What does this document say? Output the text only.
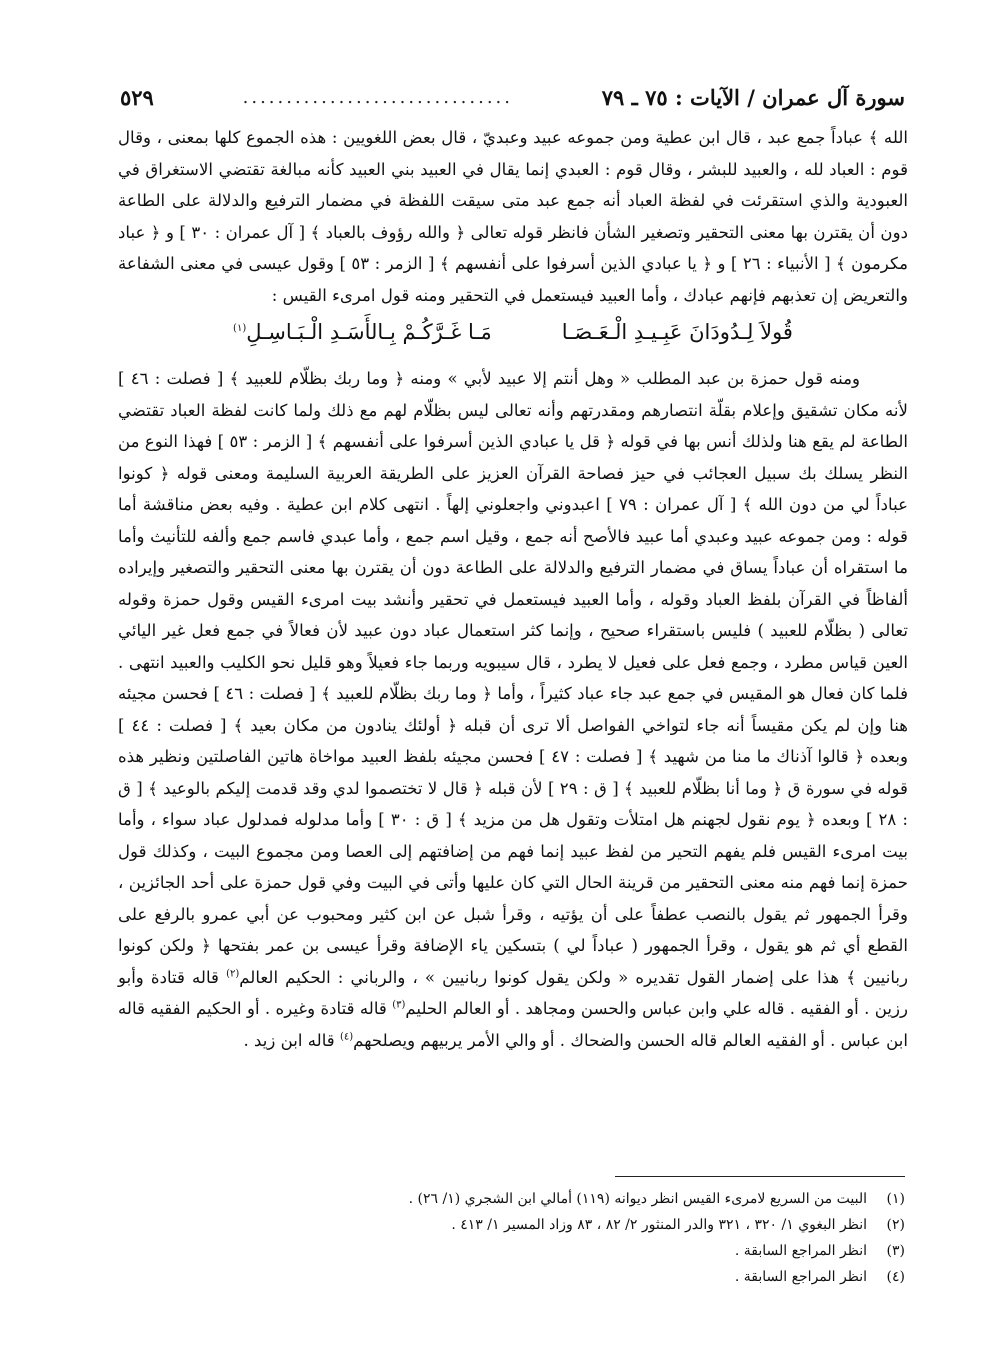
سورة آل عمران / الآيات : ٧٥ ـ ٧٩
...............................
٥٢٩

الله ﴾ عباداً جمع عبد ، قال ابن عطية ومن جموعه عبيد وعبديّ ، قال بعض اللغويين : هذه الجموع كلها بمعنى ، وقال قوم : العباد لله ، والعبيد للبشر ، وقال قوم : العبدي إنما يقال في العبيد بني العبيد كأنه مبالغة تقتضي الاستغراق في العبودية والذي استقرئت في لفظة العباد أنه جمع عبد متى سيقت اللفظة في مضمار الترفيع والدلالة على الطاعة دون أن يقترن بها معنى التحقير وتصغير الشأن فانظر قوله تعالى ﴿ والله رؤوف بالعباد ﴾ [ آل عمران : ٣٠ ] و ﴿ عباد مكرمون ﴾ [ الأنبياء : ٢٦ ] و ﴿ يا عبادي الذين أسرفوا على أنفسهم ﴾ [ الزمر : ٥٣ ] وقول عيسى في معنى الشفاعة والتعريض إن تعذبهم فإنهم عبادك ، وأما العبيد فيستعمل في التحقير ومنه قول امرىء القيس :

قُولاَ لِـدُودَانَ عَبِـيـدِ الْـعَـصَـا
مَـا غَـرَّكُـمْ بِـالأَسَـدِ الْـبَـاسِـلِ$^{(١)}$

ومنه قول حمزة بن عبد المطلب « وهل أنتم إلا عبيد لأبي » ومنه ﴿ وما ربك بظلّام للعبيد ﴾ [ فصلت : ٤٦ ] لأنه مكان تشقيق وإعلام بقلّة انتصارهم ومقدرتهم وأنه تعالى ليس بظلّام لهم مع ذلك ولما كانت لفظة العباد تقتضي الطاعة لم يقع هنا ولذلك أنس بها في قوله ﴿ قل يا عبادي الذين أسرفوا على أنفسهم ﴾ [ الزمر : ٥٣ ] فهذا النوع من النظر يسلك بك سبيل العجائب في حيز فصاحة القرآن العزيز على الطريقة العربية السليمة ومعنى قوله ﴿ كونوا عباداً لي من دون الله ﴾ [ آل عمران : ٧٩ ] اعبدوني واجعلوني إلهاً . انتهى كلام ابن عطية . وفيه بعض مناقشة أما قوله : ومن جموعه عبيد وعبدي أما عبيد فالأصح أنه جمع ، وقيل اسم جمع ، وأما عبدي فاسم جمع وألفه للتأنيث وأما ما استقراه أن عباداً يساق في مضمار الترفيع والدلالة على الطاعة دون أن يقترن بها معنى التحقير والتصغير وإيراده ألفاظاً في القرآن بلفظ العباد وقوله ، وأما العبيد فيستعمل في تحقير وأنشد بيت امرىء القيس وقول حمزة وقوله تعالى ( بظلّام للعبيد ) فليس باستقراء صحيح ، وإنما كثر استعمال عباد دون عبيد لأن فعالاً في جمع فعل غير اليائي العين قياس مطرد ، وجمع فعل على فعيل لا يطرد ، قال سيبويه وربما جاء فعيلاً وهو قليل نحو الكليب والعبيد انتهى . فلما كان فعال هو المقيس في جمع عبد جاء عباد كثيراً ، وأما ﴿ وما ربك بظلّام للعبيد ﴾ [ فصلت : ٤٦ ] فحسن مجيئه هنا وإن لم يكن مقيساً أنه جاء لتواخي الفواصل ألا ترى أن قبله ﴿ أولئك ينادون من مكان بعيد ﴾ [ فصلت : ٤٤ ] وبعده ﴿ قالوا آذناك ما منا من شهيد ﴾ [ فصلت : ٤٧ ] فحسن مجيئه بلفظ العبيد مواخاة هاتين الفاصلتين ونظير هذه قوله في سورة ق ﴿ وما أنا بظلّام للعبيد ﴾ [ ق : ٢٩ ] لأن قبله ﴿ قال لا تختصموا لدي وقد قدمت إليكم بالوعيد ﴾ [ ق : ٢٨ ] وبعده ﴿ يوم نقول لجهنم هل امتلأت وتقول هل من مزيد ﴾ [ ق : ٣٠ ] وأما مدلوله فمدلول عباد سواء ، وأما بيت امرىء القيس فلم يفهم التحير من لفظ عبيد إنما فهم من إضافتهم إلى العصا ومن مجموع البيت ، وكذلك قول حمزة إنما فهم منه معنى التحقير من قرينة الحال التي كان عليها وأتى في البيت وفي قول حمزة على أحد الجائزين ، وقرأ الجمهور ثم يقول بالنصب عطفاً على أن يؤتيه ، وقرأ شبل عن ابن كثير ومحبوب عن أبي عمرو بالرفع على القطع أي ثم هو يقول ، وقرأ الجمهور ( عباداً لي ) بتسكين ياء الإضافة وقرأ عيسى بن عمر بفتحها ﴿ ولكن كونوا ربانيين ﴾ هذا على إضمار القول تقديره « ولكن يقول كونوا ربانيين » ، والرباني : الحكيم العالم$^{(٢)}$ قاله قتادة وأبو رزين . أو الفقيه . قاله علي وابن عباس والحسن ومجاهد . أو العالم الحليم$^{(٣)}$ قاله قتادة وغيره . أو الحكيم الفقيه قاله ابن عباس . أو الفقيه العالم قاله الحسن والضحاك . أو والي الأمر يربيهم ويصلحهم$^{(٤)}$ قاله ابن زيد .

(١)
البيت من السريع لامرىء القيس انظر ديوانه (١١٩) أمالي ابن الشجري (١/ ٢٦) .
(٢)
انظر البغوي ١/ ٣٢٠ ، ٣٢١ والدر المنثور ٢/ ٨٢ ، ٨٣ وزاد المسير ١/ ٤١٣ .
(٣)
انظر المراجع السابقة .
(٤)
انظر المراجع السابقة .
